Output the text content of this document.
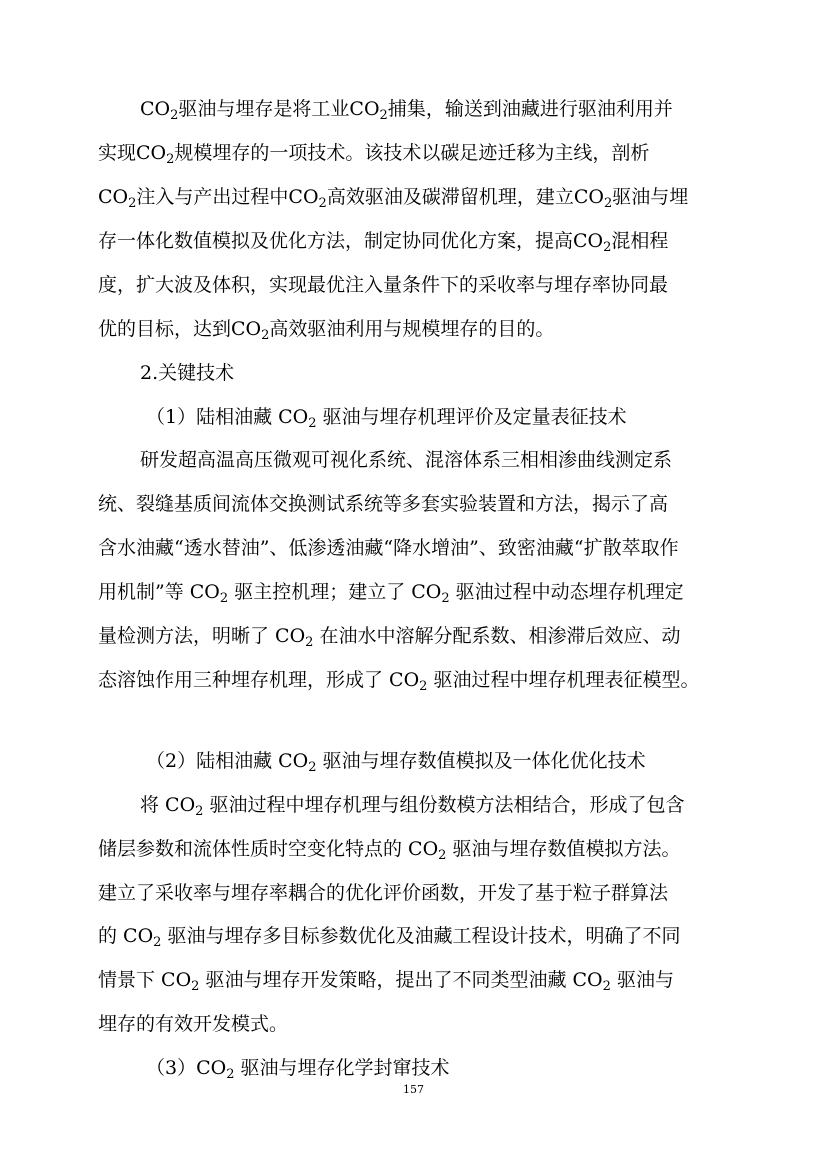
$CO_2$驱油与埋存是将工业$CO_2$捕集，输送到油藏进行驱油利用并
实现$CO_2$规模埋存的一项技术。该技术以碳足迹迁移为主线，剖析
$CO_2$注入与产出过程中$CO_2$高效驱油及碳滞留机理，建立$CO_2$驱油与埋
存一体化数值模拟及优化方法，制定协同优化方案，提高$CO_2$混相程
度，扩大波及体积，实现最优注入量条件下的采收率与埋存率协同最
优的目标，达到$CO_2$高效驱油利用与规模埋存的目的。
2.关键技术
（1）陆相油藏 $CO_2$ 驱油与埋存机理评价及定量表征技术
研发超高温高压微观可视化系统、混溶体系三相相渗曲线测定系
统、裂缝基质间流体交换测试系统等多套实验装置和方法，揭示了高
含水油藏“透水替油”、低渗透油藏“降水增油”、致密油藏“扩散萃取作
用机制”等 $CO_2$ 驱主控机理；建立了 $CO_2$ 驱油过程中动态埋存机理定
量检测方法，明晰了 $CO_2$ 在油水中溶解分配系数、相渗滞后效应、动
态溶蚀作用三种埋存机理，形成了 $CO_2$ 驱油过程中埋存机理表征模型。
（2）陆相油藏 $CO_2$ 驱油与埋存数值模拟及一体化优化技术
将 $CO_2$ 驱油过程中埋存机理与组份数模方法相结合，形成了包含
储层参数和流体性质时空变化特点的 $CO_2$ 驱油与埋存数值模拟方法。
建立了采收率与埋存率耦合的优化评价函数，开发了基于粒子群算法
的 $CO_2$ 驱油与埋存多目标参数优化及油藏工程设计技术，明确了不同
情景下 $CO_2$ 驱油与埋存开发策略，提出了不同类型油藏 $CO_2$ 驱油与
埋存的有效开发模式。
$(3)CO_2$ 驱油与埋存化学封窜技术
157
